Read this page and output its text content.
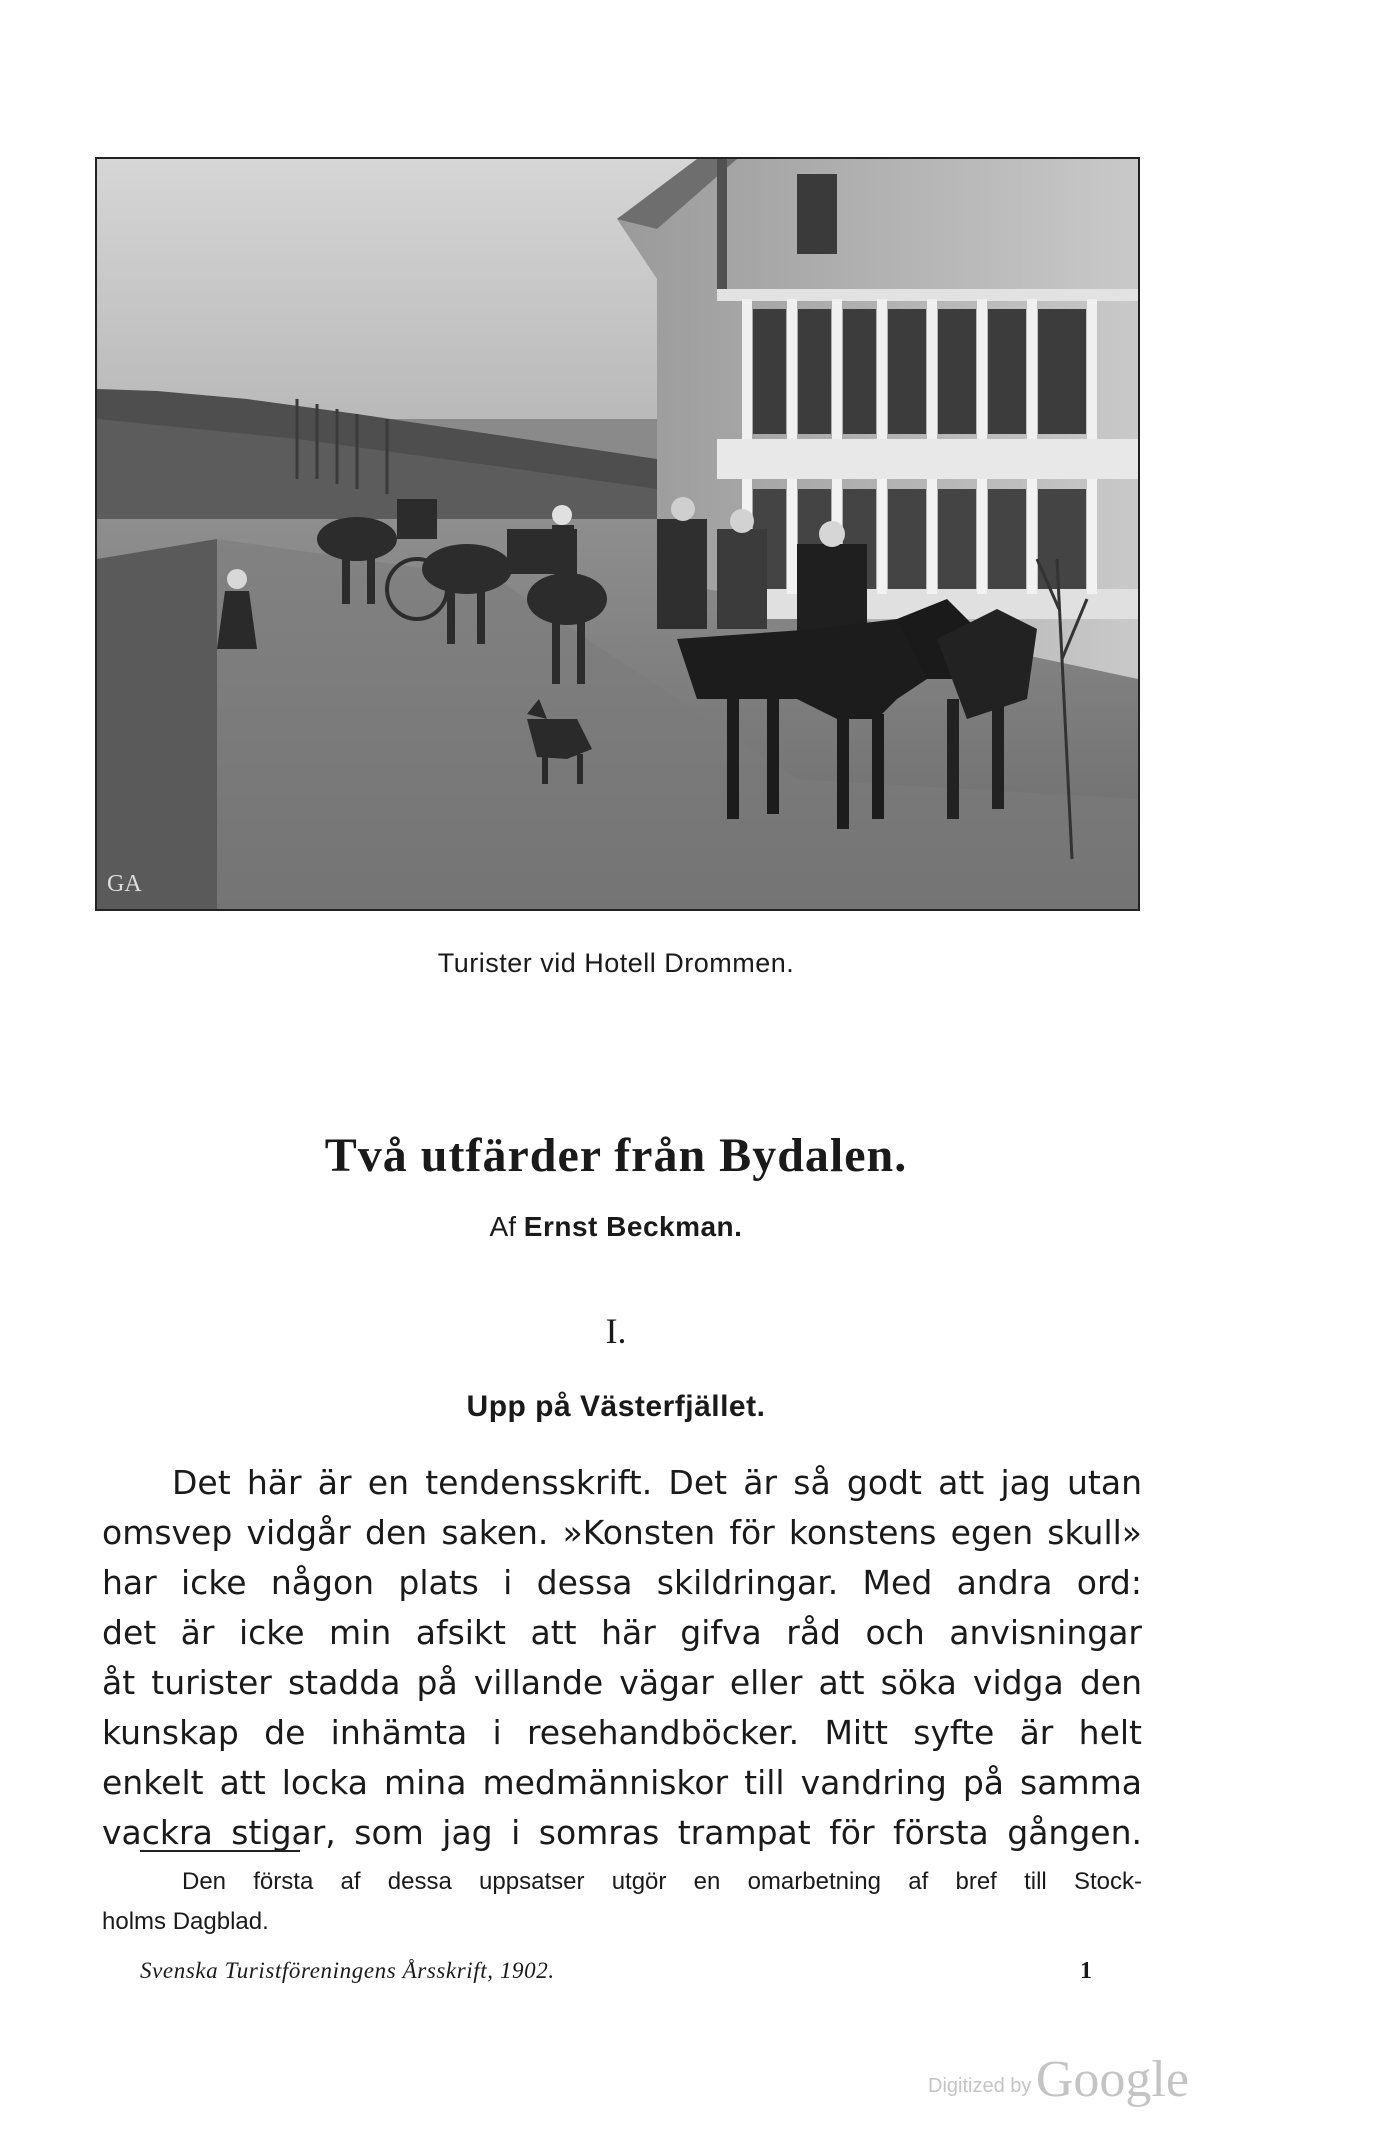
GA
Turister vid Hotell Drommen.
Två utfärder från Bydalen.
Af Ernst Beckman.
I.
Upp på Västerfjället.
Det här är en tendensskrift. Det är så godt att jag utan
omsvep vidgår den saken. »Konsten för konstens egen skull»
har icke någon plats i dessa skildringar. Med andra ord:
det är icke min afsikt att här gifva råd och anvisningar
åt turister stadda på villande vägar eller att söka vidga den
kunskap de inhämta i resehandböcker. Mitt syfte är helt
enkelt att locka mina medmänniskor till vandring på samma
vackra stigar, som jag i somras trampat för första gången.
Den första af dessa uppsatser utgör en omarbetning af bref till Stock-
holms Dagblad.
Svenska Turistföreningens Årsskrift, 1902.	1
Digitized by Google
